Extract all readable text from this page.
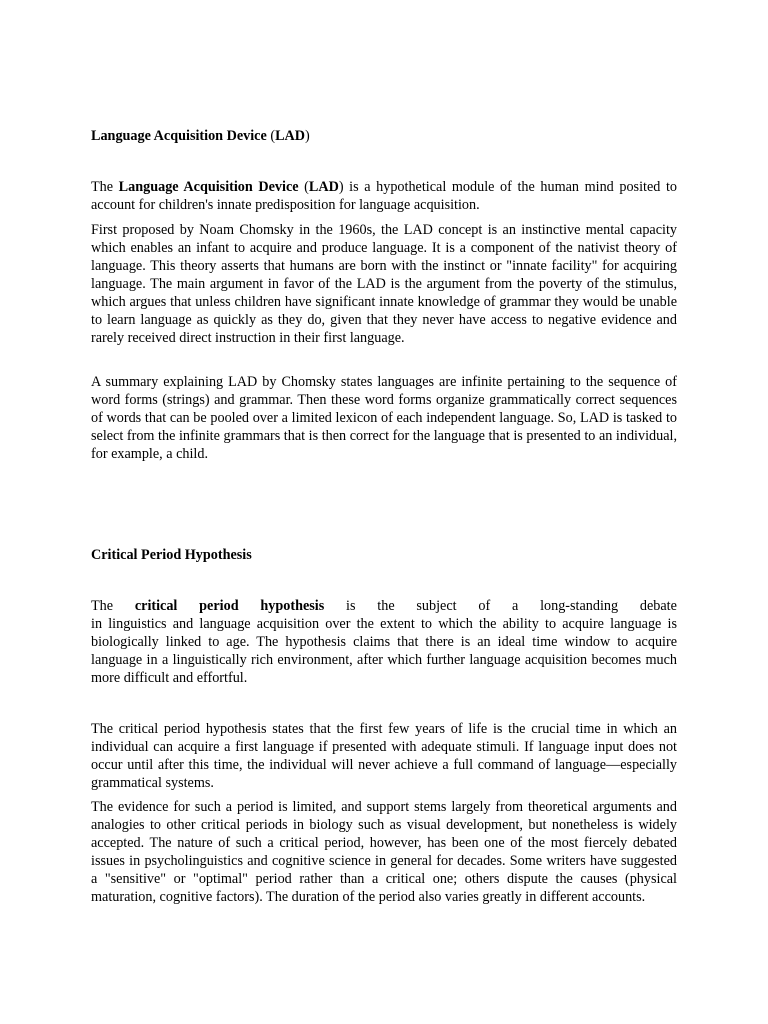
Language Acquisition Device (LAD)

The Language Acquisition Device (LAD) is a hypothetical module of the human mind posited to account for children's innate predisposition for language acquisition.

First proposed by Noam Chomsky in the 1960s, the LAD concept is an instinctive mental capacity which enables an infant to acquire and produce language. It is a component of the nativist theory of language. This theory asserts that humans are born with the instinct or "innate facility" for acquiring language. The main argument in favor of the LAD is the argument from the poverty of the stimulus, which argues that unless children have significant innate knowledge of grammar they would be unable to learn language as quickly as they do, given that they never have access to negative evidence and rarely received direct instruction in their first language.

A summary explaining LAD by Chomsky states languages are infinite pertaining to the sequence of word forms (strings) and grammar. Then these word forms organize grammatically correct sequences of words that can be pooled over a limited lexicon of each independent language. So, LAD is tasked to select from the infinite grammars that is then correct for the language that is presented to an individual, for example, a child.

Critical Period Hypothesis
The critical period hypothesis is the subject of a long-standing debate
in linguistics and language acquisition over the extent to which the ability to acquire language is biologically linked to age. The hypothesis claims that there is an ideal time window to acquire language in a linguistically rich environment, after which further language acquisition becomes much more difficult and effortful.

The critical period hypothesis states that the first few years of life is the crucial time in which an individual can acquire a first language if presented with adequate stimuli. If language input does not occur until after this time, the individual will never achieve a full command of language—especially grammatical systems.

The evidence for such a period is limited, and support stems largely from theoretical arguments and analogies to other critical periods in biology such as visual development, but nonetheless is widely accepted. The nature of such a critical period, however, has been one of the most fiercely debated issues in psycholinguistics and cognitive science in general for decades. Some writers have suggested a "sensitive" or "optimal" period rather than a critical one; others dispute the causes (physical maturation, cognitive factors). The duration of the period also varies greatly in different accounts.
